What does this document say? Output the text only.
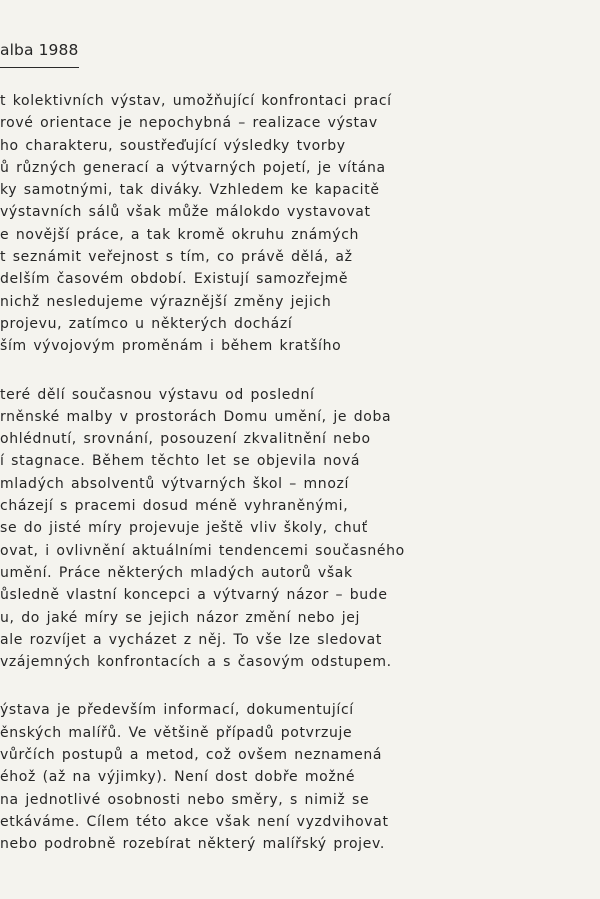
alba 1988
t kolektivních výstav, umožňující konfrontaci prací
rové orientace je nepochybná – realizace výstav
ho charakteru, soustřeďující výsledky tvorby
ů různých generací a výtvarných pojetí, je vítána
ky samotnými, tak diváky. Vzhledem ke kapacitě
výstavních sálů však může málokdo vystavovat
e novější práce, a tak kromě okruhu známých
t seznámit veřejnost s tím, co právě dělá, až
delším časovém období. Existují samozřejmě
nichž nesledujeme výraznější změny jejich
projevu, zatímco u některých dochází
ším vývojovým proměnám i během kratšího
teré dělí současnou výstavu od poslední
rněnské malby v prostorách Domu umění, je doba
ohlédnutí, srovnání, posouzení zkvalitnění nebo
í stagnace. Během těchto let se objevila nová
mladých absolventů výtvarných škol – mnozí
cházejí s pracemi dosud méně vyhraněnými,
se do jisté míry projevuje ještě vliv školy, chuť
ovat, i ovlivnění aktuálními tendencemi současného
umění. Práce některých mladých autorů však
ůsledně vlastní koncepci a výtvarný názor – bude
u, do jaké míry se jejich názor změní nebo jej
ale rozvíjet a vycházet z něj. To vše lze sledovat
vzájemných konfrontacích a s časovým odstupem.
ýstava je především informací, dokumentující
ěnských malířů. Ve většině případů potvrzuje
vůrčích postupů a metod, což ovšem neznamená
éhož (až na výjimky). Není dost dobře možné
na jednotlivé osobnosti nebo směry, s nimiž se
etkáváme. Cílem této akce však není vyzdvihovat
nebo podrobně rozebírat některý malířský projev.
